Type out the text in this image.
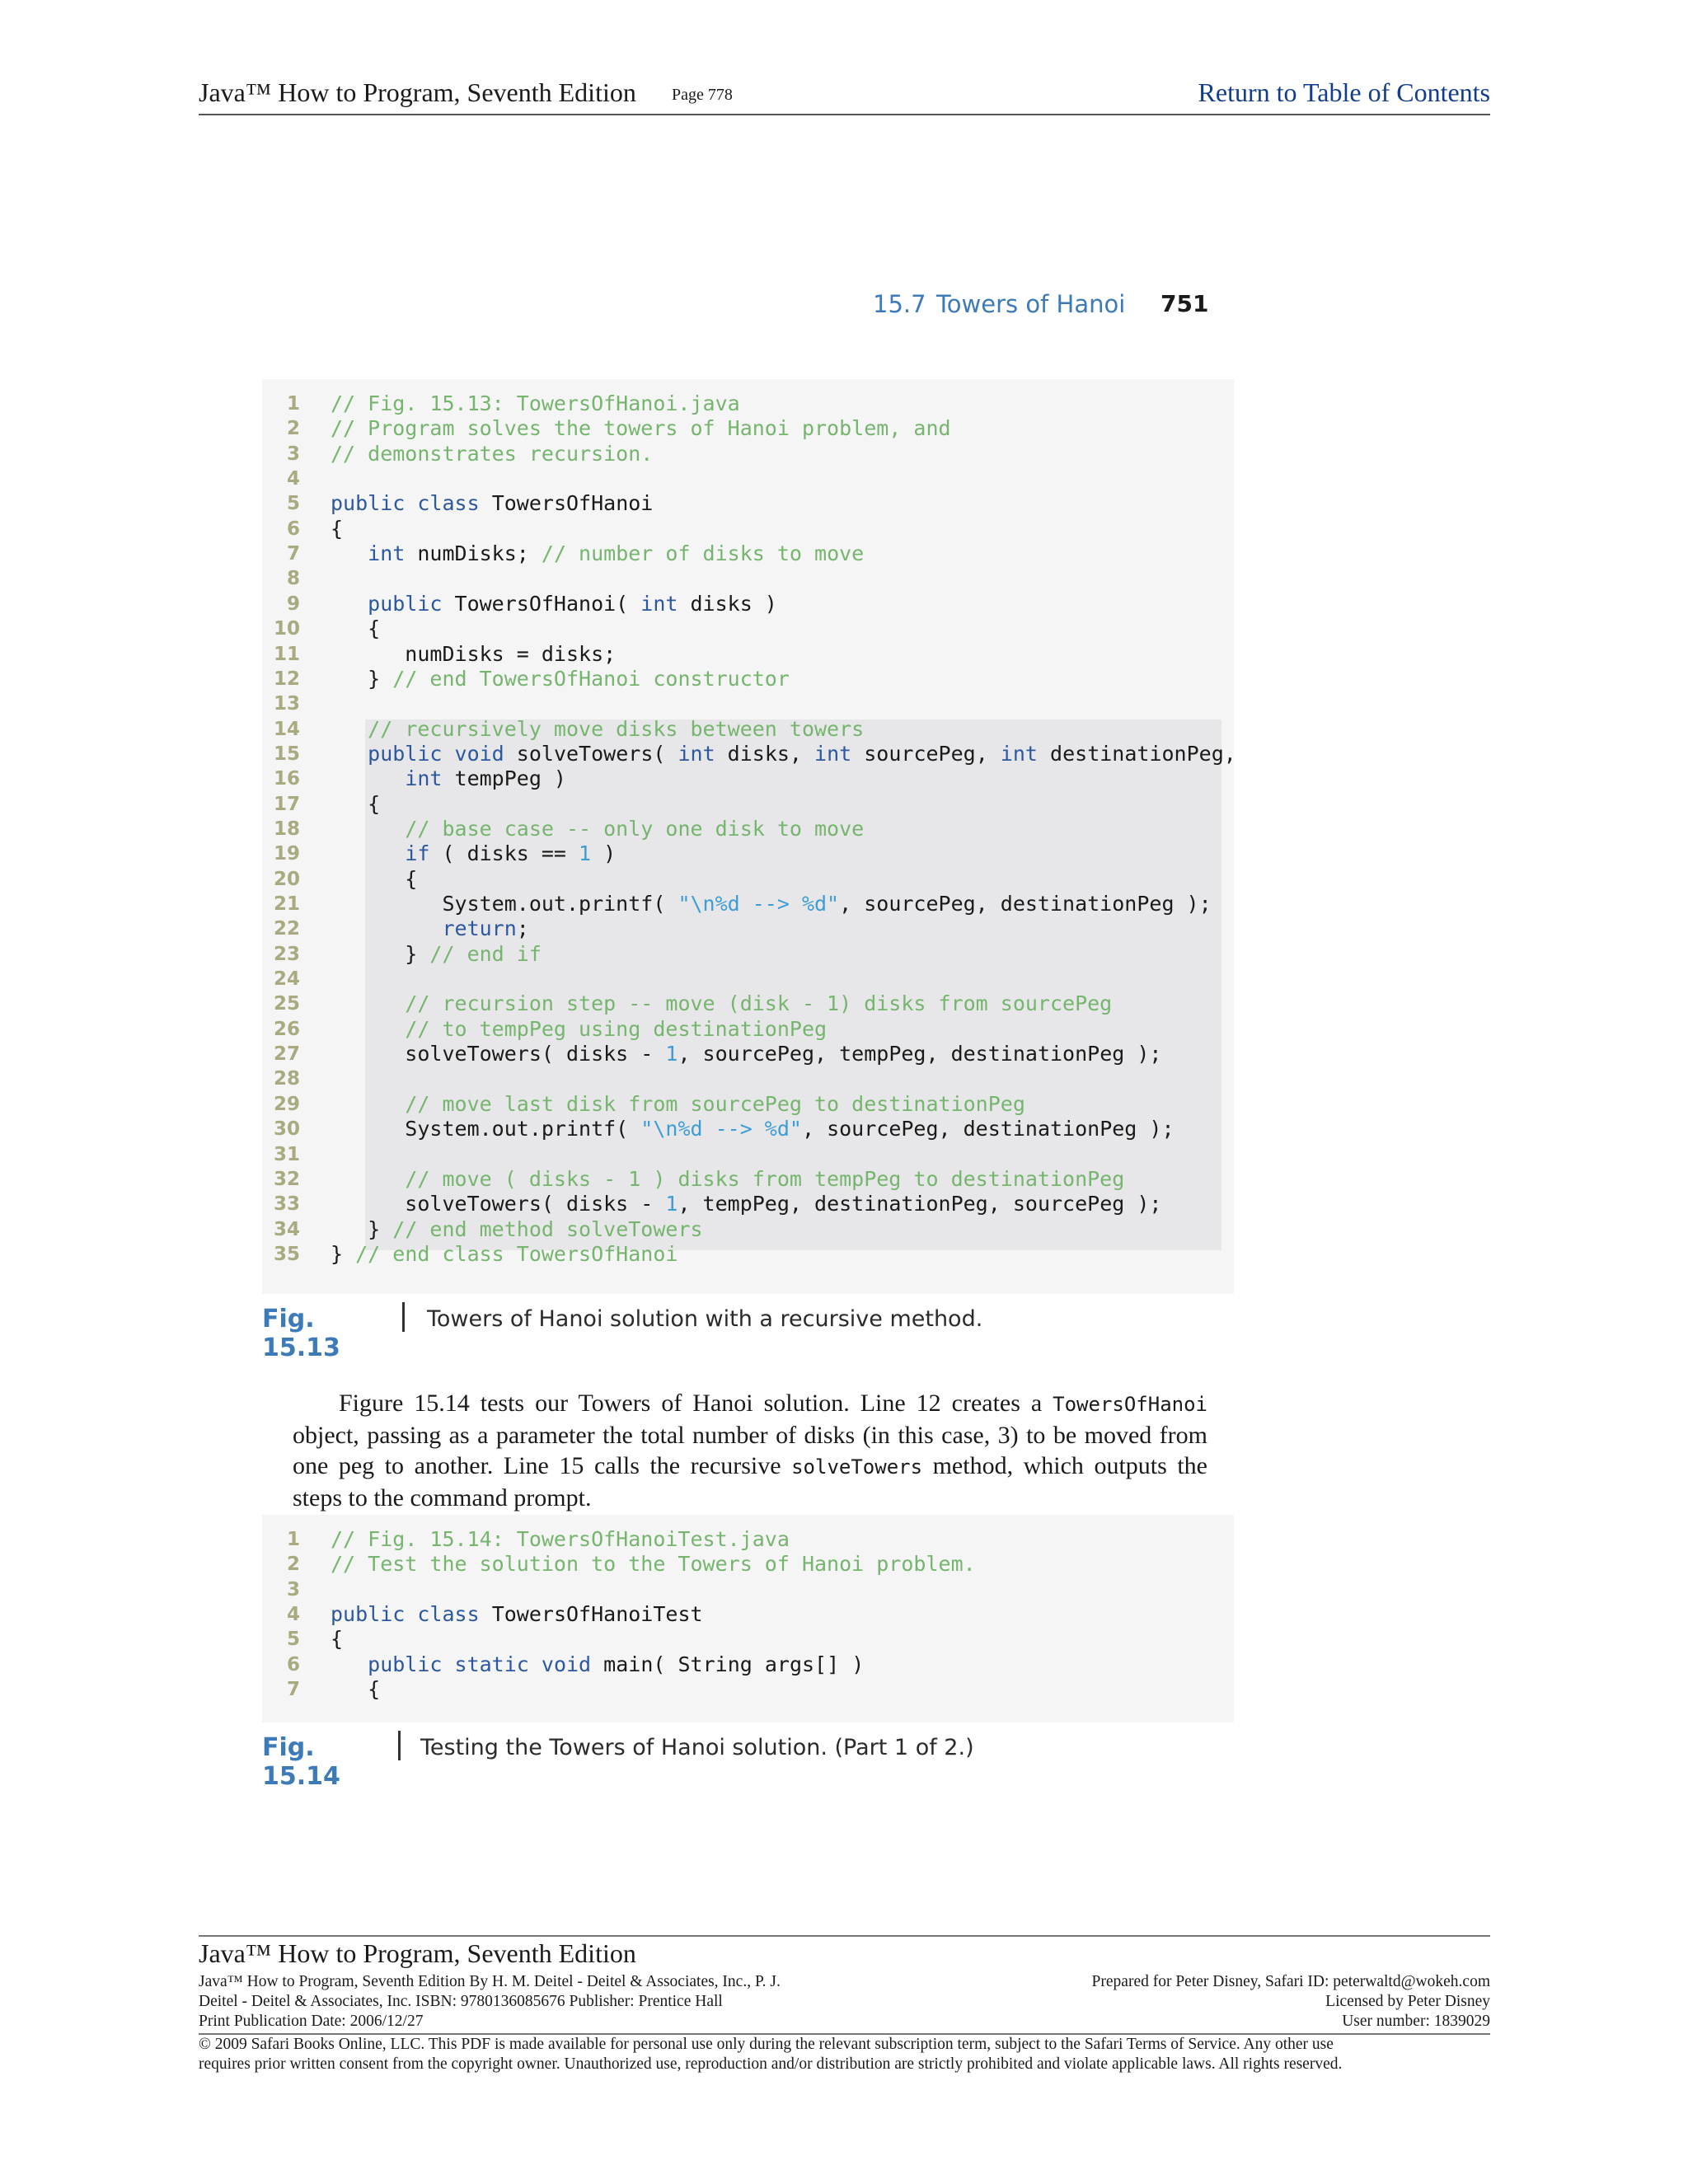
Java™ How to Program, Seventh Edition Page 778	Return to Table of Contents
15.7 Towers of Hanoi 751
1 // Fig. 15.13: TowersOfHanoi.java
2 // Program solves the towers of Hanoi problem, and
3 // demonstrates recursion.
4
5 public class TowersOfHanoi
6 {
7	int numDisks; // number of disks to move
8
9	public TowersOfHanoi( int disks )
10 {
11 numDisks = disks;
12 } // end TowersOfHanoi constructor
13
14	// recursively move disks between towers
15	public void solveTowers( int disks, int sourcePeg, int destinationPeg,
16	int tempPeg )
17 {
18	// base case -- only one disk to move
19	if ( disks == 1 )
20 {
21 System.out.printf( "\n%d --> %d", sourcePeg, destinationPeg );
22	return;
23 } // end if
24
25	// recursion step -- move (disk - 1) disks from sourcePeg
26	// to tempPeg using destinationPeg
27 solveTowers( disks - 1, sourcePeg, tempPeg, destinationPeg );
28
29	// move last disk from sourcePeg to destinationPeg
30 System.out.printf( "\n%d --> %d", sourcePeg, destinationPeg );
31
32	// move ( disks - 1 ) disks from tempPeg to destinationPeg
33 solveTowers( disks - 1, tempPeg, destinationPeg, sourcePeg );
34 } // end method solveTowers
35 } // end class TowersOfHanoi
Fig. 15.13
Towers of Hanoi solution with a recursive method.

Figure 15.14 tests our Towers of Hanoi solution. Line 12 creates a TowersOfHanoi object, passing as a parameter the total number of disks (in this case, 3) to be moved from one peg to another. Line 15 calls the recursive solveTowers method, which outputs the steps to the command prompt.

1 // Fig. 15.14: TowersOfHanoiTest.java
2 // Test the solution to the Towers of Hanoi problem.
3
4 public class TowersOfHanoiTest
5 {
6	public static void main( String args[] )
7 {
Fig. 15.14
Testing the Towers of Hanoi solution. (Part 1 of 2.)
Java™ How to Program, Seventh Edition
Java™ How to Program, Seventh Edition By H. M. Deitel - Deitel & Associates, Inc., P. J.
Deitel - Deitel & Associates, Inc. ISBN: 9780136085676 Publisher: Prentice Hall
Print Publication Date: 2006/12/27
Prepared for Peter Disney, Safari ID: peterwaltd@wokeh.com
Licensed by Peter Disney
User number: 1839029
© 2009 Safari Books Online, LLC. This PDF is made available for personal use only during the relevant subscription term, subject to the Safari Terms of Service. Any other use
requires prior written consent from the copyright owner. Unauthorized use, reproduction and/or distribution are strictly prohibited and violate applicable laws. All rights reserved.
